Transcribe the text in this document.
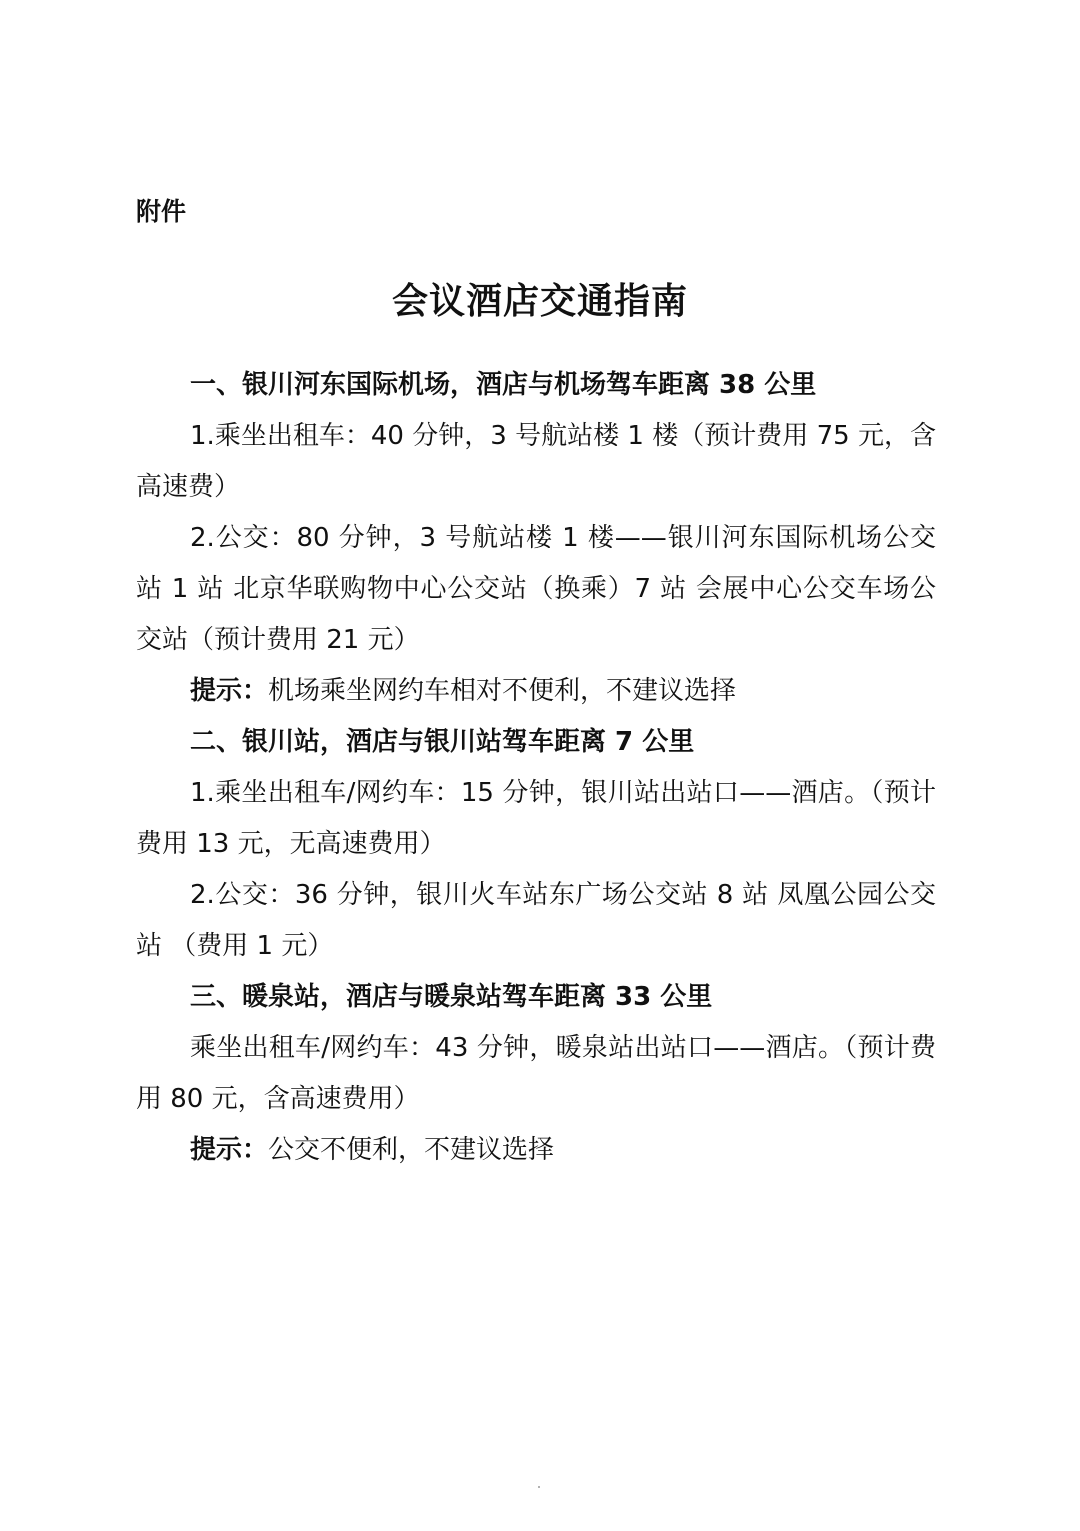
附件
会议酒店交通指南

一、银川河东国际机场，酒店与机场驾车距离 38 公里

1.乘坐出租车：40 分钟，3 号航站楼 1 楼（预计费用 75 元，含高速费）

2.公交：80 分钟，3 号航站楼 1 楼——银川河东国际机场公交站 1 站 北京华联购物中心公交站（换乘）7 站 会展中心公交车场公交站（预计费用 21 元）

提示：机场乘坐网约车相对不便利，不建议选择

二、银川站，酒店与银川站驾车距离 7 公里

1.乘坐出租车/网约车：15 分钟，银川站出站口——酒店。（预计费用 13 元，无高速费用）

2.公交：36 分钟，银川火车站东广场公交站 8 站 凤凰公园公交站 （费用 1 元）

三、暖泉站，酒店与暖泉站驾车距离 33 公里

乘坐出租车/网约车：43 分钟，暖泉站出站口——酒店。（预计费用 80 元，含高速费用）

提示：公交不便利，不建议选择
